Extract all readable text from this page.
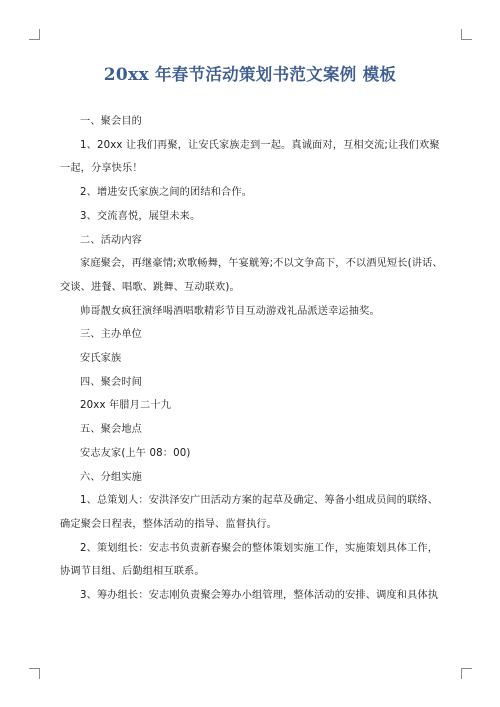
20xx 年春节活动策划书范文案例 模板

一、聚会目的

1、20xx 让我们再聚，让安氏家族走到一起。真诚面对，互相交流;让我们欢聚一起，分享快乐！

2、增进安氏家族之间的团结和合作。

3、交流喜悦，展望未来。

二、活动内容

家庭聚会，再继豪情;欢歌畅舞，午宴觥筹;不以文争高下，不以酒见短长(讲话、交谈、进餐、唱歌、跳舞、互动联欢)。

帅哥靓女疯狂演绎喝酒唱歌精彩节目互动游戏礼品派送幸运抽奖。

三、主办单位

安氏家族

四、聚会时间

20xx 年腊月二十九

五、聚会地点

安志友家(上午 08：00)

六、分组实施

1、总策划人：安洪泽安广田活动方案的起草及确定、筹备小组成员间的联络、确定聚会日程表，整体活动的指导、监督执行。

2、策划组长：安志书负责新春聚会的整体策划实施工作，实施策划具体工作，协调节目组、后勤组相互联系。

3、筹办组长：安志刚负责聚会筹办小组管理，整体活动的安排、调度和具体执
